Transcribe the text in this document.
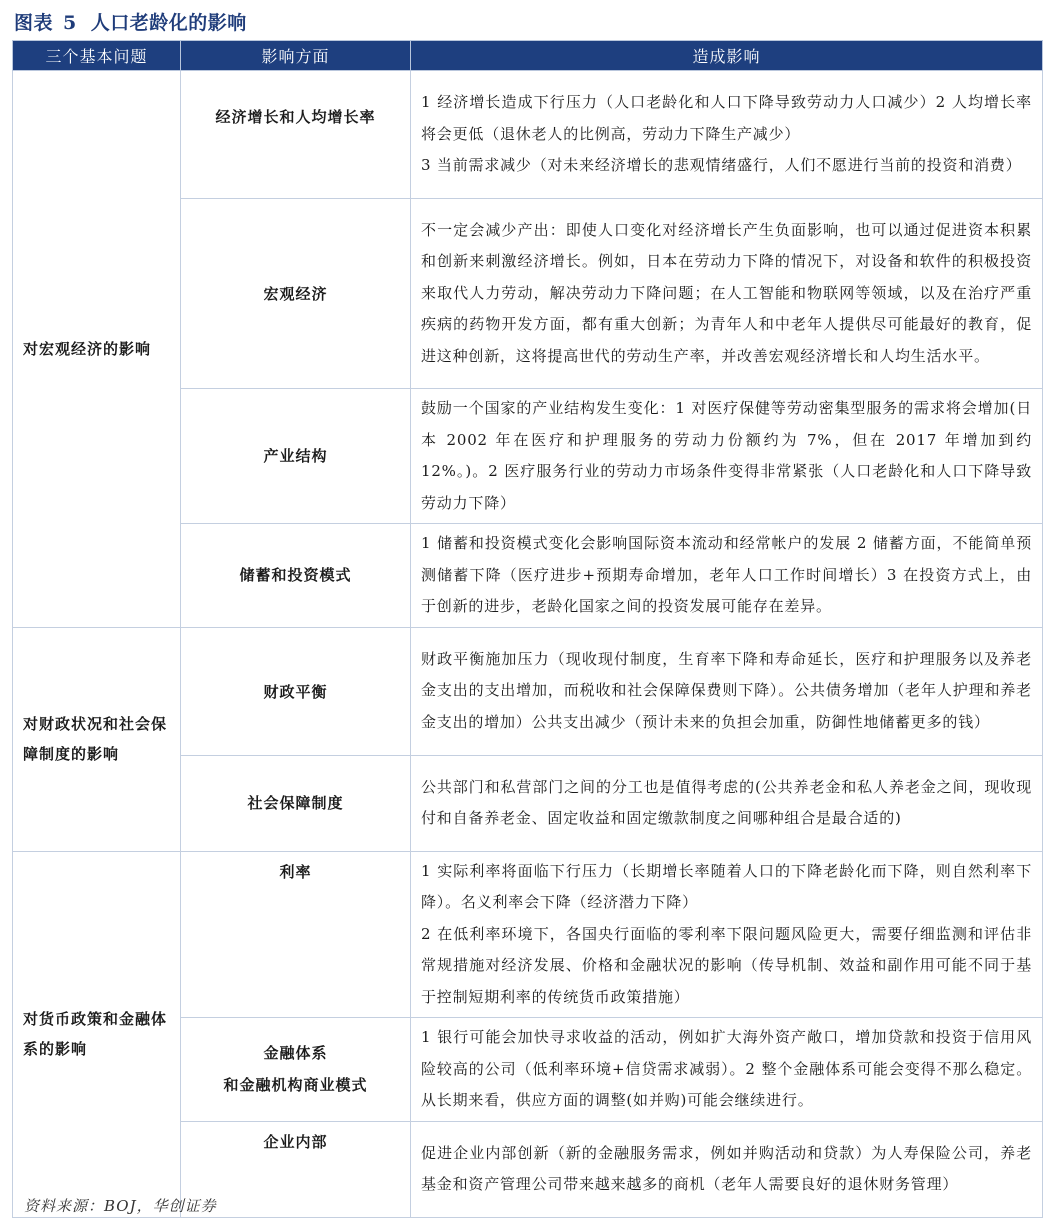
图表 5 人口老龄化的影响
三个基本问题	影响方面	造成影响
对宏观经济的影响	经济增长和人均增长率	1 经济增长造成下行压力（人口老龄化和人口下降导致劳动力人口减少）2 人均增长率将会更低（退休老人的比例高，劳动力下降生产减少）

3 当前需求减少（对未来经济增长的悲观情绪盛行，人们不愿进行当前的投资和消费）

	宏观经济	不一定会减少产出：即使人口变化对经济增长产生负面影响，也可以通过促进资本积累和创新来刺激经济增长。例如，日本在劳动力下降的情况下，对设备和软件的积极投资来取代人力劳动，解决劳动力下降问题；在人工智能和物联网等领域，以及在治疗严重疾病的药物开发方面，都有重大创新；为青年人和中老年人提供尽可能最好的教育，促进这种创新，这将提高世代的劳动生产率，并改善宏观经济增长和人均生活水平。

	产业结构	鼓励一个国家的产业结构发生变化：1 对医疗保健等劳动密集型服务的需求将会增加(日本 2002 年在医疗和护理服务的劳动力份额约为 7%，但在 2017 年增加到约 12%。)。2 医疗服务行业的劳动力市场条件变得非常紧张（人口老龄化和人口下降导致劳动力下降）

	储蓄和投资模式	1 储蓄和投资模式变化会影响国际资本流动和经常帐户的发展 2 储蓄方面，不能简单预测储蓄下降（医疗进步+预期寿命增加，老年人口工作时间增长）3 在投资方式上，由于创新的进步，老龄化国家之间的投资发展可能存在差异。

对财政状况和社会保障制度的影响	财政平衡	财政平衡施加压力（现收现付制度，生育率下降和寿命延长，医疗和护理服务以及养老金支出的支出增加，而税收和社会保障保费则下降）。公共债务增加（老年人护理和养老金支出的增加）公共支出减少（预计未来的负担会加重，防御性地储蓄更多的钱）

	社会保障制度	公共部门和私营部门之间的分工也是值得考虑的(公共养老金和私人养老金之间，现收现付和自备养老金、固定收益和固定缴款制度之间哪种组合是最合适的)

对货币政策和金融体系的影响	利率	1 实际利率将面临下行压力（长期增长率随着人口的下降老龄化而下降，则自然利率下降）。名义利率会下降（经济潜力下降）

2 在低利率环境下，各国央行面临的零利率下限问题风险更大，需要仔细监测和评估非常规措施对经济发展、价格和金融状况的影响（传导机制、效益和副作用可能不同于基于控制短期利率的传统货币政策措施）

	金融体系
和金融机构商业模式	1 银行可能会加快寻求收益的活动，例如扩大海外资产敞口，增加贷款和投资于信用风险较高的公司（低利率环境+信贷需求减弱）。2 整个金融体系可能会变得不那么稳定。从长期来看，供应方面的调整(如并购)可能会继续进行。

	企业内部	促进企业内部创新（新的金融服务需求，例如并购活动和贷款）为人寿保险公司，养老基金和资产管理公司带来越来越多的商机（老年人需要良好的退休财务管理）

资料来源：BOJ，华创证券
